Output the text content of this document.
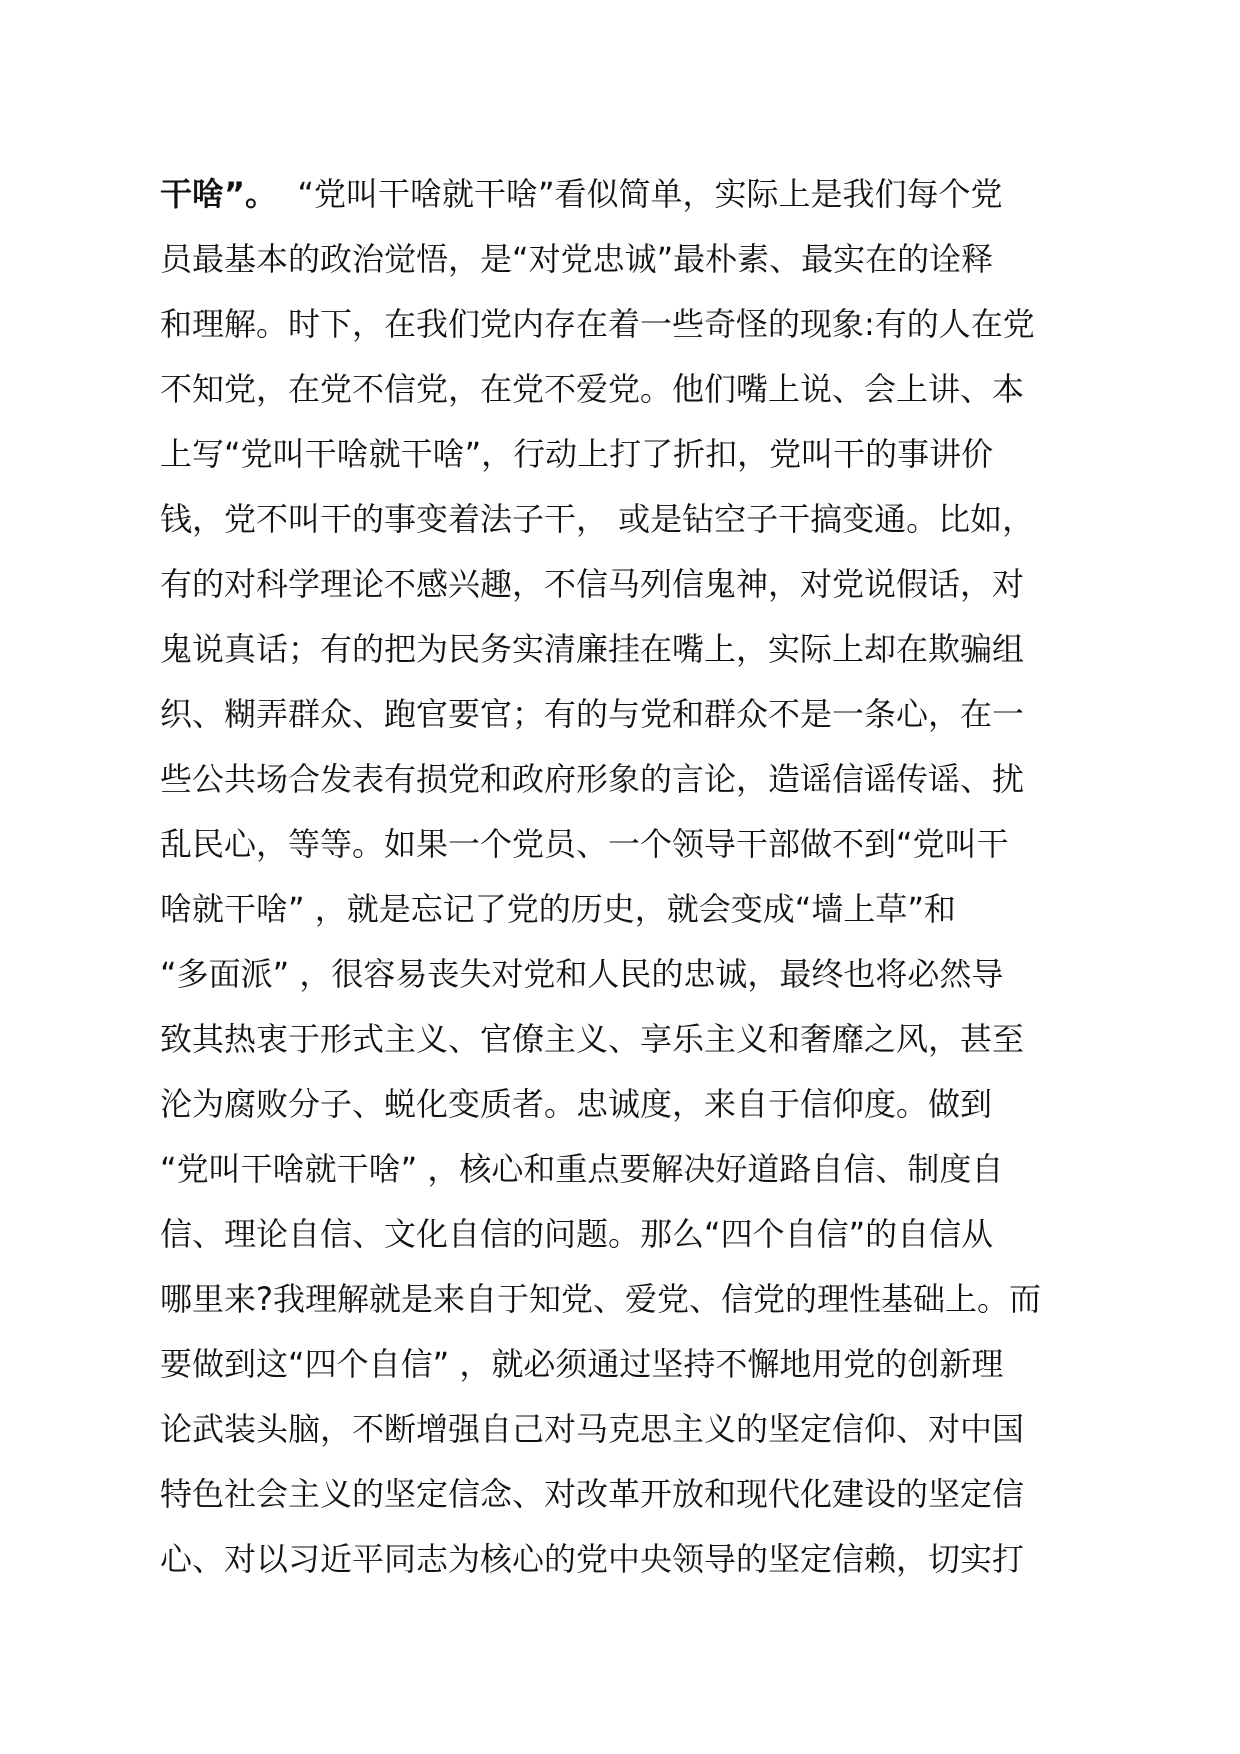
干啥”。  “党叫干啥就干啥”看似简单，实际上是我们每个党
员最基本的政治觉悟，是“对党忠诚”最朴素、最实在的诠释
和理解。时下，在我们党内存在着一些奇怪的现象:有的人在党
不知党，在党不信党，在党不爱党。他们嘴上说、会上讲、本
上写“党叫干啥就干啥”，行动上打了折扣，党叫干的事讲价
钱，党不叫干的事变着法子干， 或是钻空子干搞变通。比如，
有的对科学理论不感兴趣，不信马列信鬼神，对党说假话，对
鬼说真话；有的把为民务实清廉挂在嘴上，实际上却在欺骗组
织、糊弄群众、跑官要官；有的与党和群众不是一条心，在一
些公共场合发表有损党和政府形象的言论，造谣信谣传谣、扰
乱民心，等等。如果一个党员、一个领导干部做不到“党叫干
啥就干啥” ，就是忘记了党的历史，就会变成“墙上草”和
“多面派” ，很容易丧失对党和人民的忠诚，最终也将必然导
致其热衷于形式主义、官僚主义、享乐主义和奢靡之风，甚至
沦为腐败分子、蜕化变质者。忠诚度，来自于信仰度。做到
“党叫干啥就干啥” ，核心和重点要解决好道路自信、制度自
信、理论自信、文化自信的问题。那么“四个自信”的自信从
哪里来?我理解就是来自于知党、爱党、信党的理性基础上。而
要做到这“四个自信” ，就必须通过坚持不懈地用党的创新理
论武装头脑，不断增强自己对马克思主义的坚定信仰、对中国
特色社会主义的坚定信念、对改革开放和现代化建设的坚定信
心、对以习近平同志为核心的党中央领导的坚定信赖，切实打
